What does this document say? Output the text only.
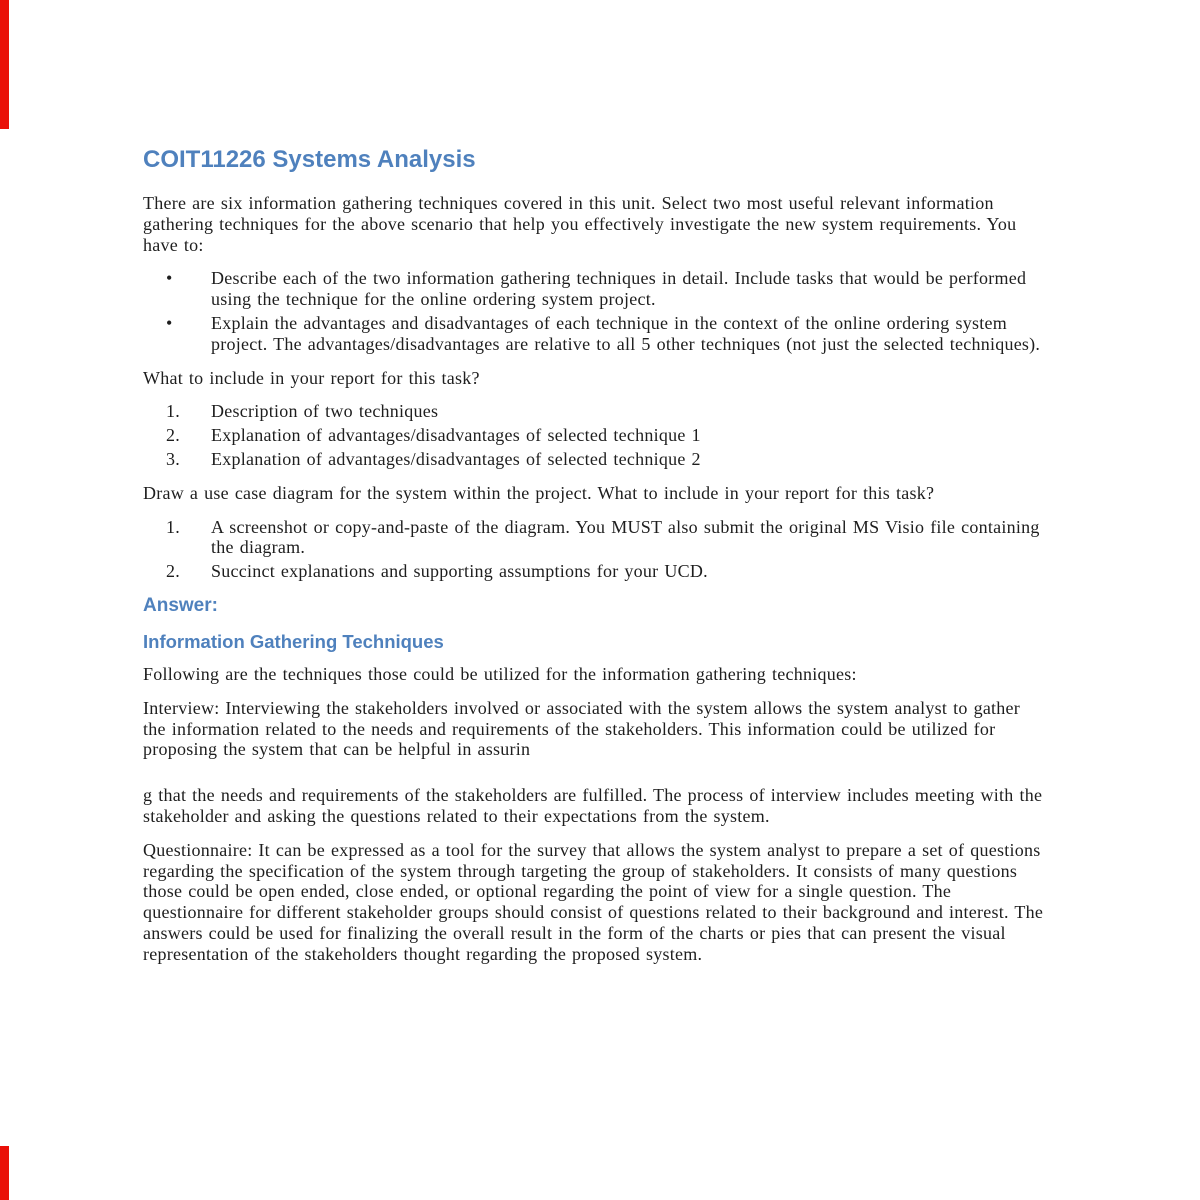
COIT11226 Systems Analysis

There are six information gathering techniques covered in this unit. Select two most useful relevant information gathering techniques for the above scenario that help you effectively investigate the new system requirements. You have to:

• Describe each of the two information gathering techniques in detail. Include tasks that would be performed using the technique for the online ordering system project.
• Explain the advantages and disadvantages of each technique in the context of the online ordering system project. The advantages/disadvantages are relative to all 5 other techniques (not just the selected techniques).

What to include in your report for this task?

1. Description of two techniques
2. Explanation of advantages/disadvantages of selected technique 1
3. Explanation of advantages/disadvantages of selected technique 2

Draw a use case diagram for the system within the project. What to include in your report for this task?

1. A screenshot or copy-and-paste of the diagram. You MUST also submit the original MS Visio file containing the diagram.
2. Succinct explanations and supporting assumptions for your UCD.
Answer:
Information Gathering Techniques

Following are the techniques those could be utilized for the information gathering techniques:

Interview: Interviewing the stakeholders involved or associated with the system allows the system analyst to gather the information related to the needs and requirements of the stakeholders. This information could be utilized for proposing the system that can be helpful in assurin

g that the needs and requirements of the stakeholders are fulfilled. The process of interview includes meeting with the stakeholder and asking the questions related to their expectations from the system.

Questionnaire: It can be expressed as a tool for the survey that allows the system analyst to prepare a set of questions regarding the specification of the system through targeting the group of stakeholders. It consists of many questions those could be open ended, close ended, or optional regarding the point of view for a single question. The questionnaire for different stakeholder groups should consist of questions related to their background and interest. The answers could be used for finalizing the overall result in the form of the charts or pies that can present the visual representation of the stakeholders thought regarding the proposed system.
